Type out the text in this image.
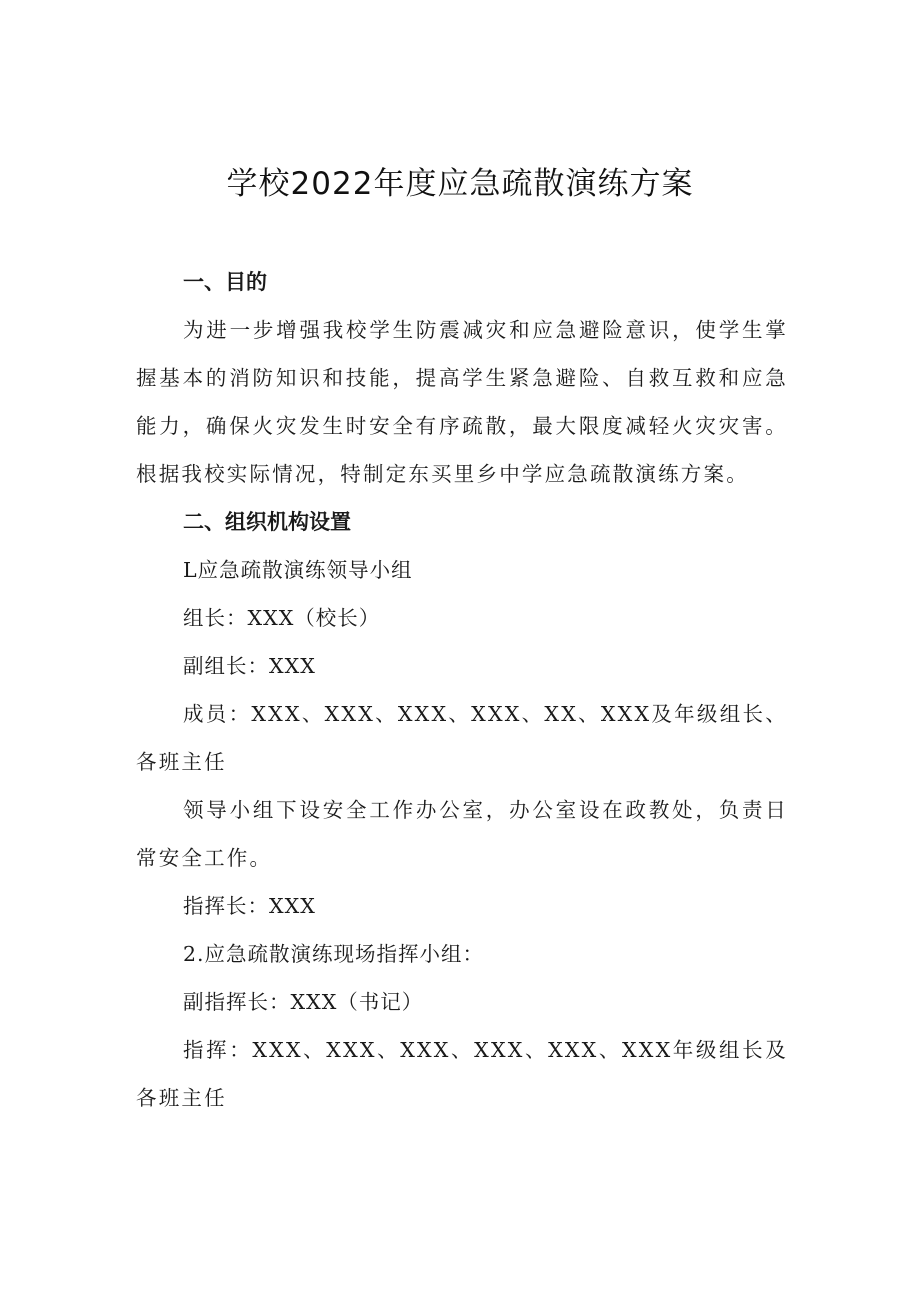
学校2022年度应急疏散演练方案
一、目的

为进一步增强我校学生防震减灾和应急避险意识，使学生掌握基本的消防知识和技能，提高学生紧急避险、自救互救和应急能力，确保火灾发生时安全有序疏散，最大限度减轻火灾灾害。根据我校实际情况，特制定东买里乡中学应急疏散演练方案。

二、组织机构设置
L应急疏散演练领导小组
组长：XXX（校长）
副组长：XXX

成员：XXX、XXX、XXX、XXX、XX、XXX及年级组长、各班主任

领导小组下设安全工作办公室，办公室设在政教处，负责日常安全工作。

指挥长：XXX
2.应急疏散演练现场指挥小组：
副指挥长：XXX（书记）

指挥：XXX、XXX、XXX、XXX、XXX、XXX年级组长及各班主任
